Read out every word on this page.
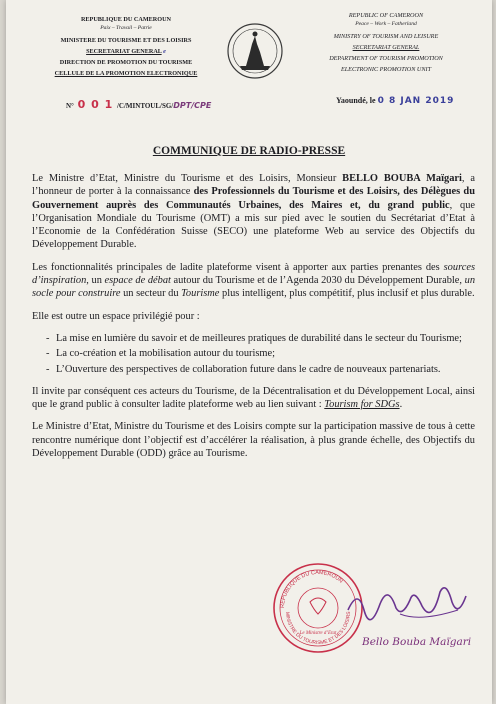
REPUBLIQUE DU CAMEROUN
Paix – Travail – Patrie
MINISTERE DU TOURISME ET DES LOISIRS
SECRETARIAT GENERAL e
DIRECTION DE PROMOTION DU TOURISME
CELLULE DE LA PROMOTION ELECTRONIQUE
REPUBLIC OF CAMEROON
Peace – Work – Fatherland
MINISTRY OF TOURISM AND LEISURE
SECRETARIAT GENERAL
DEPARTMENT OF TOURISM PROMOTION
ELECTRONIC PROMOTION UNIT
N° 0 0 1 /C/MINTOUL/SG/DPT/CPE
Yaoundé, le 0 8 JAN 2019
COMMUNIQUE DE RADIO-PRESSE

Le Ministre d’Etat, Ministre du Tourisme et des Loisirs, Monsieur BELLO BOUBA Maïgari, a l’honneur de porter à la connaissance des Professionnels du Tourisme et des Loisirs, des Délègues du Gouvernement auprès des Communautés Urbaines, des Maires et, du grand public, que l’Organisation Mondiale du Tourisme (OMT) a mis sur pied avec le soutien du Secrétariat d’Etat à l’Economie de la Confédération Suisse (SECO) une plateforme Web au service des Objectifs du Développement Durable.

Les fonctionnalités principales de ladite plateforme visent à apporter aux parties prenantes des sources d’inspiration, un espace de débat autour du Tourisme et de l’Agenda 2030 du Développement Durable, un socle pour construire un secteur du Tourisme plus intelligent, plus compétitif, plus inclusif et plus durable.

Elle est outre un espace privilégié pour :

- La mise en lumière du savoir et de meilleures pratiques de durabilité dans le secteur du Tourisme;
- La co-création et la mobilisation autour du tourisme;
- L’Ouverture des perspectives de collaboration future dans le cadre de nouveaux partenariats.

Il invite par conséquent ces acteurs du Tourisme, de la Décentralisation et du Développement Local, ainsi que le grand public à consulter ladite plateforme web au lien suivant : Tourism for SDGs.

Le Ministre d’Etat, Ministre du Tourisme et des Loisirs compte sur la participation massive de tous à cette rencontre numérique dont l’objectif est d’accélérer la réalisation, à plus grande échelle, des Objectifs du Développement Durable (ODD) grâce au Tourisme.

REPUBLIQUE DU CAMEROUN
MINISTRE DU TOURISME ET DES LOISIRS
Le Ministre d’Etat
Bello Bouba Maïgari
